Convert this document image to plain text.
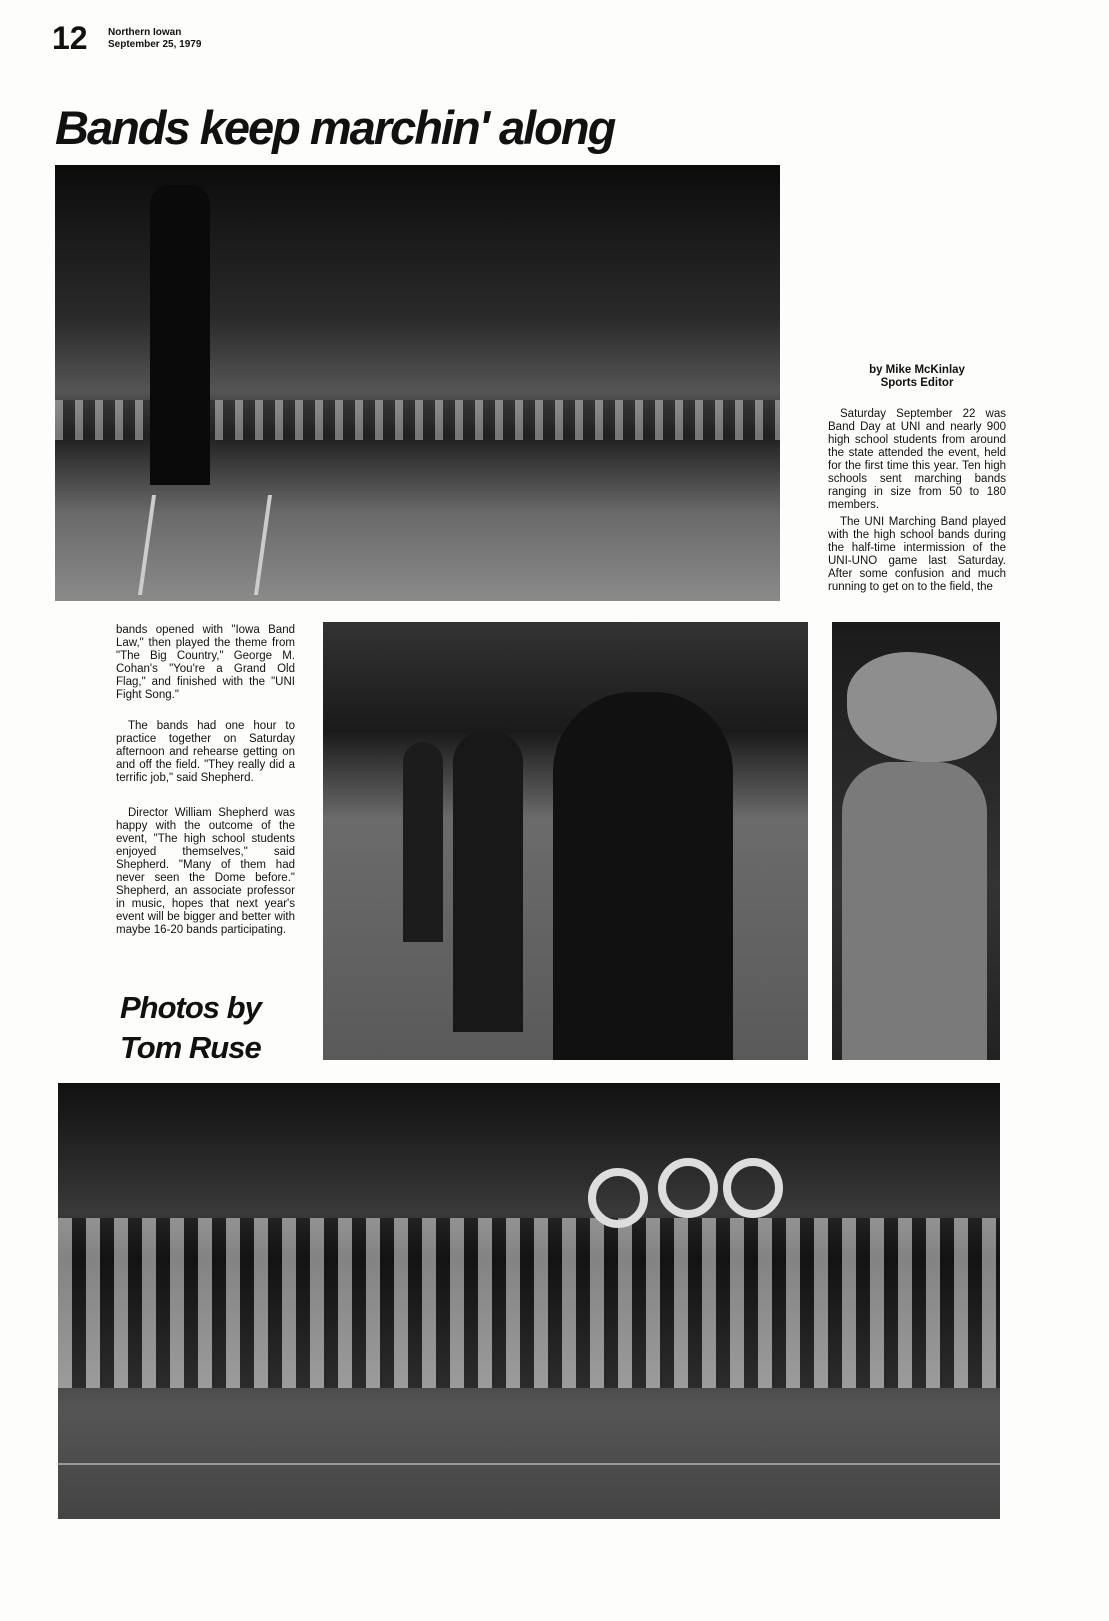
12 Northern Iowan
September 25, 1979
Bands keep marchin' along
by Mike McKinlay
Sports Editor

Saturday September 22 was Band Day at UNI and nearly 900 high school students from around the state attended the event, held for the first time this year. Ten high schools sent marching bands ranging in size from 50 to 180 members.

The UNI Marching Band played with the high school bands during the half-time intermission of the UNI-UNO game last Saturday. After some confusion and much running to get on to the field, the

bands opened with "Iowa Band Law," then played the theme from "The Big Country," George M. Cohan's "You're a Grand Old Flag," and finished with the "UNI Fight Song."

The bands had one hour to practice together on Saturday afternoon and rehearse getting on and off the field. "They really did a terrific job," said Shepherd.

Director William Shepherd was happy with the outcome of the event, "The high school students enjoyed themselves," said Shepherd. "Many of them had never seen the Dome before." Shepherd, an associate professor in music, hopes that next year's event will be bigger and better with maybe 16-20 bands participating.

Photos by
Tom Ruse
